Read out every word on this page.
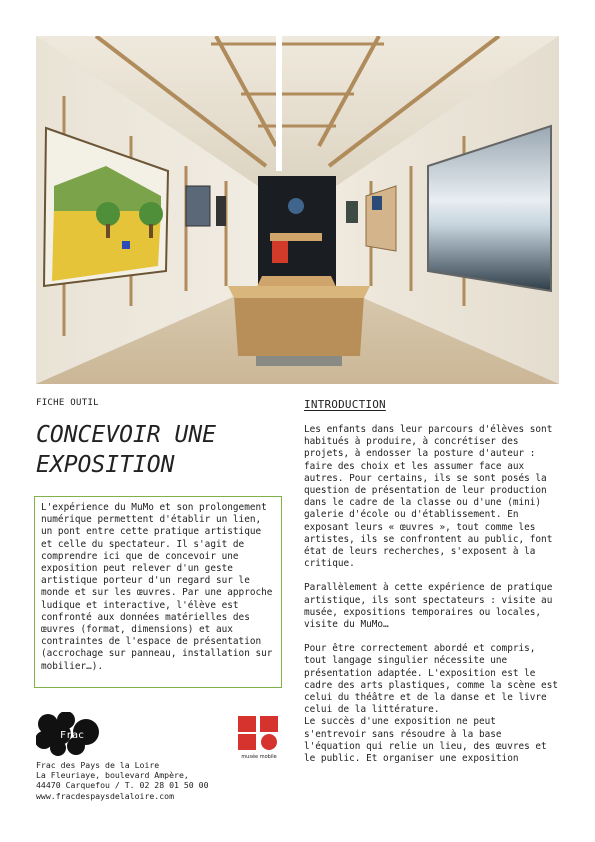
FICHE OUTIL
CONCEVOIR UNE
EXPOSITION

L'expérience du MuMo et son prolongement numérique permettent d'établir un lien, un pont entre cette pratique artistique et celle du spectateur. Il s'agit de comprendre ici que de concevoir une exposition peut relever d'un geste artistique porteur d'un regard sur le monde et sur les œuvres. Par une approche ludique et interactive, l'élève est confronté aux données matérielles des œuvres (format, dimensions) et aux contraintes de l'espace de présentation (accrochage sur panneau, installation sur mobilier…).

Frac
musée mobile
Frac des Pays de la Loire
La Fleuriaye, boulevard Ampère,
44470 Carquefou / T. 02 28 01 50 00
www.fracdespaysdelaloire.com
INTRODUCTION

Les enfants dans leur parcours d'élèves sont habitués à produire, à concrétiser des projets, à endosser la posture d'auteur : faire des choix et les assumer face aux autres. Pour certains, ils se sont posés la question de présentation de leur production dans le cadre de la classe ou d'une (mini) galerie d'école ou d'établissement. En exposant leurs « œuvres », tout comme les artistes, ils se confrontent au public, font état de leurs recherches, s'exposent à la critique.

Parallèlement à cette expérience de pratique artistique, ils sont spectateurs : visite au musée, expositions temporaires ou locales, visite du MuMo…

Pour être correctement abordé et compris, tout langage singulier nécessite une présentation adaptée. L'exposition est le cadre des arts plastiques, comme la scène est celui du théâtre et de la danse et le livre celui de la littérature.

Le succès d'une exposition ne peut s'entrevoir sans résoudre à la base l'équation qui relie un lieu, des œuvres et le public. Et organiser une exposition
